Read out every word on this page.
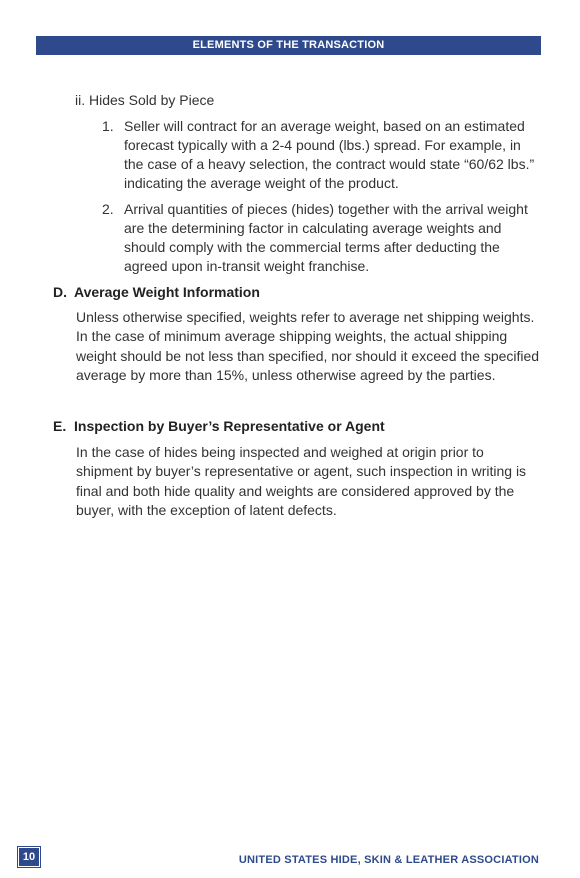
ELEMENTS OF THE TRANSACTION
ii. Hides Sold by Piece
1. Seller will contract for an average weight, based on an estimated forecast typically with a 2-4 pound (lbs.) spread. For example, in the case of a heavy selection, the contract would state “60/62 lbs.” indicating the average weight of the product.
2. Arrival quantities of pieces (hides) together with the arrival weight are the determining factor in calculating average weights and should comply with the commercial terms after deducting the agreed upon in-transit weight franchise.
D. Average Weight Information
Unless otherwise specified, weights refer to average net shipping weights. In the case of minimum average shipping weights, the actual shipping weight should be not less than specified, nor should it exceed the specified average by more than 15%, unless otherwise agreed by the parties.
E. Inspection by Buyer’s Representative or Agent
In the case of hides being inspected and weighed at origin prior to shipment by buyer’s representative or agent, such inspection in writing is final and both hide quality and weights are considered approved by the buyer, with the exception of latent defects.
10	UNITED STATES HIDE, SKIN & LEATHER ASSOCIATION
